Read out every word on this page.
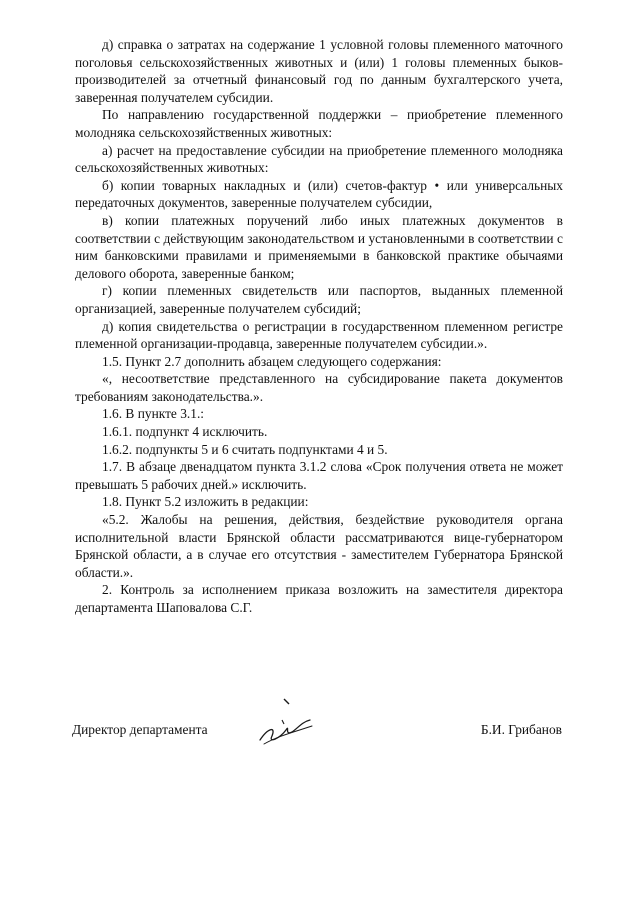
д) справка о затратах на содержание 1 условной головы племенного маточного поголовья сельскохозяйственных животных и (или) 1 головы племенных быков-производителей за отчетный финансовый год по данным бухгалтерского учета, заверенная получателем субсидии.

По направлению государственной поддержки – приобретение племенного молодняка сельскохозяйственных животных:

а) расчет на предоставление субсидии на приобретение племенного молодняка сельскохозяйственных животных:

б) копии товарных накладных и (или) счетов-фактур • или универсальных передаточных документов, заверенные получателем субсидии,

в) копии платежных поручений либо иных платежных документов в соответствии с действующим законодательством и установленными в соответствии с ним банковскими правилами и применяемыми в банковской практике обычаями делового оборота, заверенные банком;

г) копии племенных свидетельств или паспортов, выданных племенной организацией, заверенные получателем субсидий;

д) копия свидетельства о регистрации в государственном племенном регистре племенной организации-продавца, заверенные получателем субсидии.».

1.5. Пункт 2.7 дополнить абзацем следующего содержания:

«, несоответствие представленного на субсидирование пакета документов требованиям законодательства.».

1.6. В пункте 3.1.:

1.6.1. подпункт 4 исключить.

1.6.2. подпункты 5 и 6 считать подпунктами 4 и 5.

1.7. В абзаце двенадцатом пункта 3.1.2 слова «Срок получения ответа не может превышать 5 рабочих дней.» исключить.

1.8. Пункт 5.2 изложить в редакции:

«5.2. Жалобы на решения, действия, бездействие руководителя органа исполнительной власти Брянской области рассматриваются вице-губернатором Брянской области, а в случае его отсутствия - заместителем Губернатора Брянской области.».

2. Контроль за исполнением приказа возложить на заместителя директора департамента Шаповалова С.Г.

Директор департамента	Б.И. Грибанов
